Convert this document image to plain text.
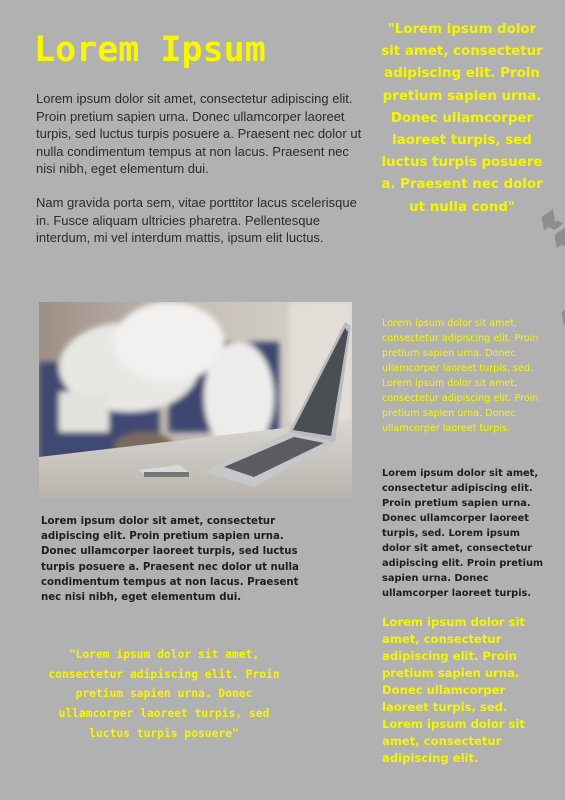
Lorem Ipsum

Lorem ipsum dolor sit amet, consectetur adipiscing elit. Proin pretium sapien urna. Donec ullamcorper laoreet turpis, sed luctus turpis posuere a. Praesent nec dolor ut nulla condimentum tempus at non lacus. Praesent nec nisi nibh, eget elementum dui.

Nam gravida porta sem, vitae porttitor lacus scelerisque in. Fusce aliquam ultricies pharetra. Pellentesque interdum, mi vel interdum mattis, ipsum elit luctus.

"Lorem ipsum dolor sit amet, consectetur adipiscing elit. Proin pretium sapien urna. Donec ullamcorper laoreet turpis, sed luctus turpis posuere a. Praesent nec dolor ut nulla cond"

Lorem ipsum dolor sit amet, consectetur adipiscing elit. Proin pretium sapien urna. Donec ullamcorper laoreet turpis, sed luctus turpis posuere a. Praesent nec dolor ut nulla condimentum tempus at non lacus. Praesent nec nisi nibh, eget elementum dui.

"Lorem ipsum dolor sit amet, consectetur adipiscing elit. Proin pretium sapien urna. Donec ullamcorper laoreet turpis, sed luctus turpis posuere"

Lorem ipsum dolor sit amet, consectetur adipiscing elit. Proin pretium sapien urna. Donec ullamcorper laoreet turpis, sed. Lorem ipsum dolor sit amet, consectetur adipiscing elit. Proin pretium sapien urna. Donec ullamcorper laoreet turpis.

Lorem ipsum dolor sit amet, consectetur adipiscing elit. Proin pretium sapien urna. Donec ullamcorper laoreet turpis, sed. Lorem ipsum dolor sit amet, consectetur adipiscing elit. Proin pretium sapien urna. Donec ullamcorper laoreet turpis.

Lorem ipsum dolor sit amet, consectetur adipiscing elit. Proin pretium sapien urna. Donec ullamcorper laoreet turpis, sed. Lorem ipsum dolor sit amet, consectetur adipiscing elit.
